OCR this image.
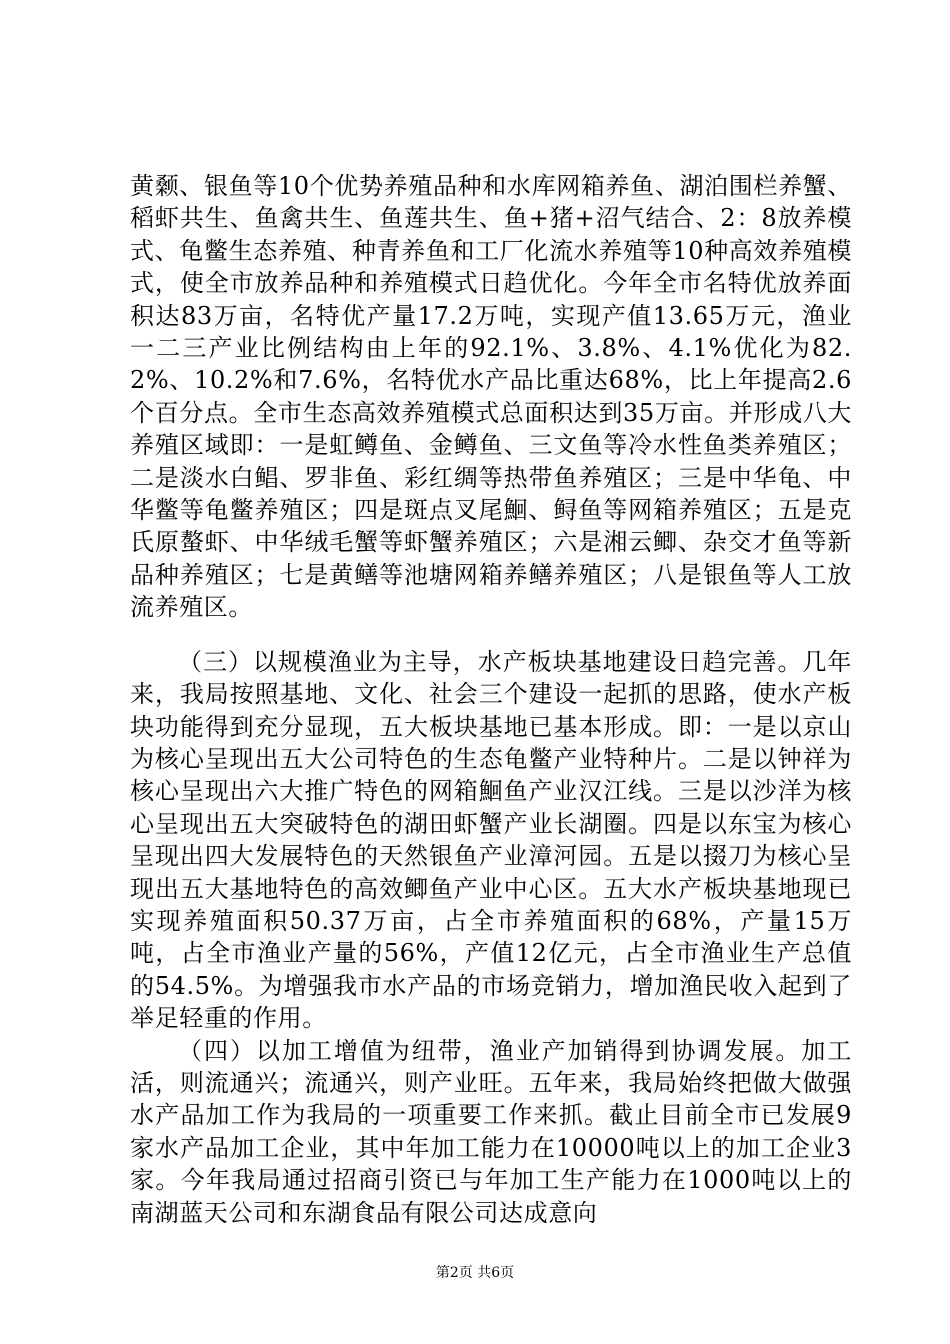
黄颡、银鱼等10个优势养殖品种和水库网箱养鱼、湖泊围栏养蟹、稻虾共生、鱼禽共生、鱼莲共生、鱼+猪+沼气结合、2：8放养模式、龟鳖生态养殖、种青养鱼和工厂化流水养殖等10种高效养殖模式，使全市放养品种和养殖模式日趋优化。今年全市名特优放养面积达83万亩，名特优产量17.2万吨，实现产值13.65万元，渔业一二三产业比例结构由上年的92.1%、3.8%、4.1%优化为82.2%、10.2%和7.6%，名特优水产品比重达68%，比上年提高2.6个百分点。全市生态高效养殖模式总面积达到35万亩。并形成八大养殖区域即：一是虹鳟鱼、金鳟鱼、三文鱼等冷水性鱼类养殖区；二是淡水白鲳、罗非鱼、彩红绸等热带鱼养殖区；三是中华龟、中华鳖等龟鳖养殖区；四是斑点叉尾鮰、鲟鱼等网箱养殖区；五是克氏原螯虾、中华绒毛蟹等虾蟹养殖区；六是湘云鲫、杂交才鱼等新品种养殖区；七是黄鳝等池塘网箱养鳝养殖区；八是银鱼等人工放流养殖区。

（三）以规模渔业为主导，水产板块基地建设日趋完善。几年来，我局按照基地、文化、社会三个建设一起抓的思路，使水产板块功能得到充分显现，五大板块基地已基本形成。即：一是以京山为核心呈现出五大公司特色的生态龟鳖产业特种片。二是以钟祥为核心呈现出六大推广特色的网箱鮰鱼产业汉江线。三是以沙洋为核心呈现出五大突破特色的湖田虾蟹产业长湖圈。四是以东宝为核心呈现出四大发展特色的天然银鱼产业漳河园。五是以掇刀为核心呈现出五大基地特色的高效鲫鱼产业中心区。五大水产板块基地现已实现养殖面积50.37万亩，占全市养殖面积的68%，产量15万吨，占全市渔业产量的56%，产值12亿元，占全市渔业生产总值的54.5%。为增强我市水产品的市场竞销力，增加渔民收入起到了举足轻重的作用。

（四）以加工增值为纽带，渔业产加销得到协调发展。加工活，则流通兴；流通兴，则产业旺。五年来，我局始终把做大做强水产品加工作为我局的一项重要工作来抓。截止目前全市已发展9家水产品加工企业，其中年加工能力在10000吨以上的加工企业3家。今年我局通过招商引资已与年加工生产能力在1000吨以上的南湖蓝天公司和东湖食品有限公司达成意向

第2页 共6页
